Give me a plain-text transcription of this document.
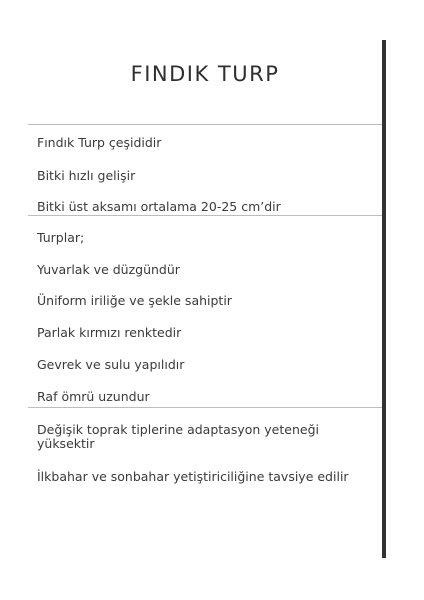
FINDIK TURP
Fındık Turp çeşididir
Bitki hızlı gelişir
Bitki üst aksamı ortalama 20-25 cm’dir
Turplar;
Yuvarlak ve düzgündür
Üniform iriliğe ve şekle sahiptir
Parlak kırmızı renktedir
Gevrek ve sulu yapılıdır
Raf ömrü uzundur
Değişik toprak tiplerine adaptasyon yeteneği yüksektir
İlkbahar ve sonbahar yetiştiriciliğine tavsiye edilir
